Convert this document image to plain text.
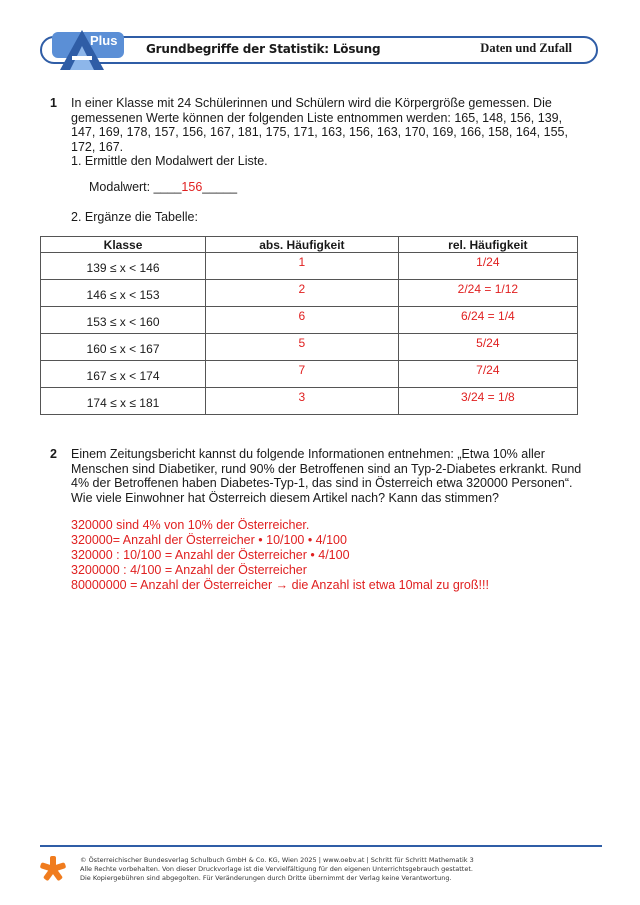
Plus
Grundbegriffe der Statistik: Lösung	Daten und Zufall
1 In einer Klasse mit 24 Schülerinnen und Schülern wird die Körpergröße gemessen. Die
gemessenen Werte können der folgenden Liste entnommen werden: 165, 148, 156, 139,
147, 169, 178, 157, 156, 167, 181, 175, 171, 163, 156, 163, 170, 169, 166, 158, 164, 155,
172, 167.
1. Ermittle den Modalwert der Liste.
Modalwert: ____156_____
2. Ergänze die Tabelle:
Klasse	abs. Häufigkeit	rel. Häufigkeit
139 ≤ x < 146	1	1/24

146 ≤ x < 153	2	2/24 = 1/12

153 ≤ x < 160	6	6/24 = 1/4

160 ≤ x < 167	5	5/24

167 ≤ x < 174	7	7/24

174 ≤ x ≤ 181	3	3/24 = 1/8
2 Einem Zeitungsbericht kannst du folgende Informationen entnehmen: „Etwa 10% aller
Menschen sind Diabetiker, rund 90% der Betroffenen sind an Typ-2-Diabetes erkrankt. Rund
4% der Betroffenen haben Diabetes-Typ-1, das sind in Österreich etwa 320000 Personen“.
Wie viele Einwohner hat Österreich diesem Artikel nach? Kann das stimmen?
320000 sind 4% von 10% der Österreicher.
320000= Anzahl der Österreicher • 10/100 • 4/100
320000 : 10/100 = Anzahl der Österreicher • 4/100
3200000 : 4/100 = Anzahl der Österreicher
80000000 = Anzahl der Österreicher → die Anzahl ist etwa 10mal zu groß!!!
© Österreichischer Bundesverlag Schulbuch GmbH & Co. KG, Wien 2025 | www.oebv.at | Schritt für Schritt Mathematik 3
Alle Rechte vorbehalten. Von dieser Druckvorlage ist die Vervielfältigung für den eigenen Unterrichtsgebrauch gestattet.
Die Kopiergebühren sind abgegolten. Für Veränderungen durch Dritte übernimmt der Verlag keine Verantwortung.
